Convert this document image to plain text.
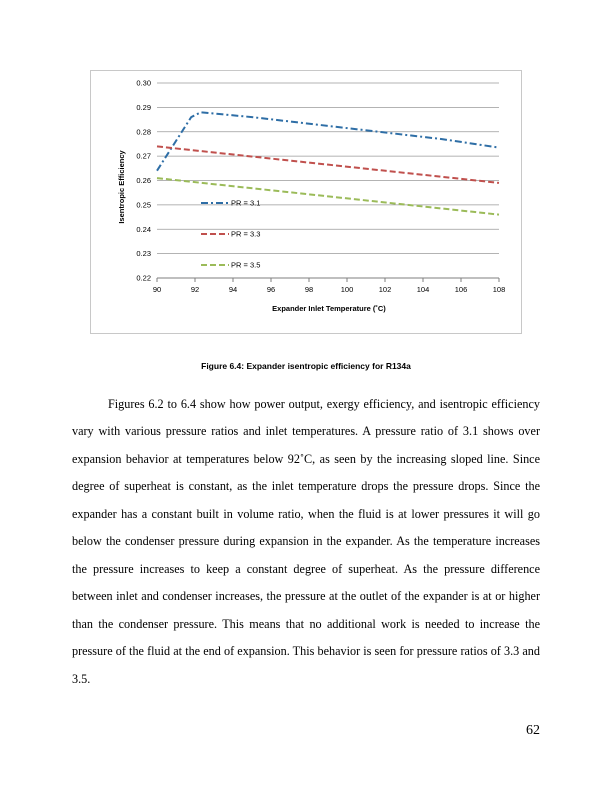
0.22
0.23
0.24
0.25
0.26
0.27
0.28
0.29
0.30
90	92	94	96	98	100	102	104	106	108
PR = 3.1
PR = 3.3
PR = 3.5
Expander Inlet Temperature (˚C)
Isentropic Efficiency
Figure 6.4: Expander isentropic efficiency for R134a
Figures 6.2 to 6.4 show how power output, exergy efficiency, and isentropic efficiency vary with various pressure ratios and inlet temperatures. A pressure ratio of 3.1 shows over expansion behavior at temperatures below 92˚C, as seen by the increasing sloped line. Since degree of superheat is constant, as the inlet temperature drops the pressure drops. Since the expander has a constant built in volume ratio, when the fluid is at lower pressures it will go below the condenser pressure during expansion in the expander. As the temperature increases the pressure increases to keep a constant degree of superheat. As the pressure difference between inlet and condenser increases, the pressure at the outlet of the expander is at or higher than the condenser pressure. This means that no additional work is needed to increase the pressure of the fluid at the end of expansion. This behavior is seen for pressure ratios of 3.3 and 3.5.
62
